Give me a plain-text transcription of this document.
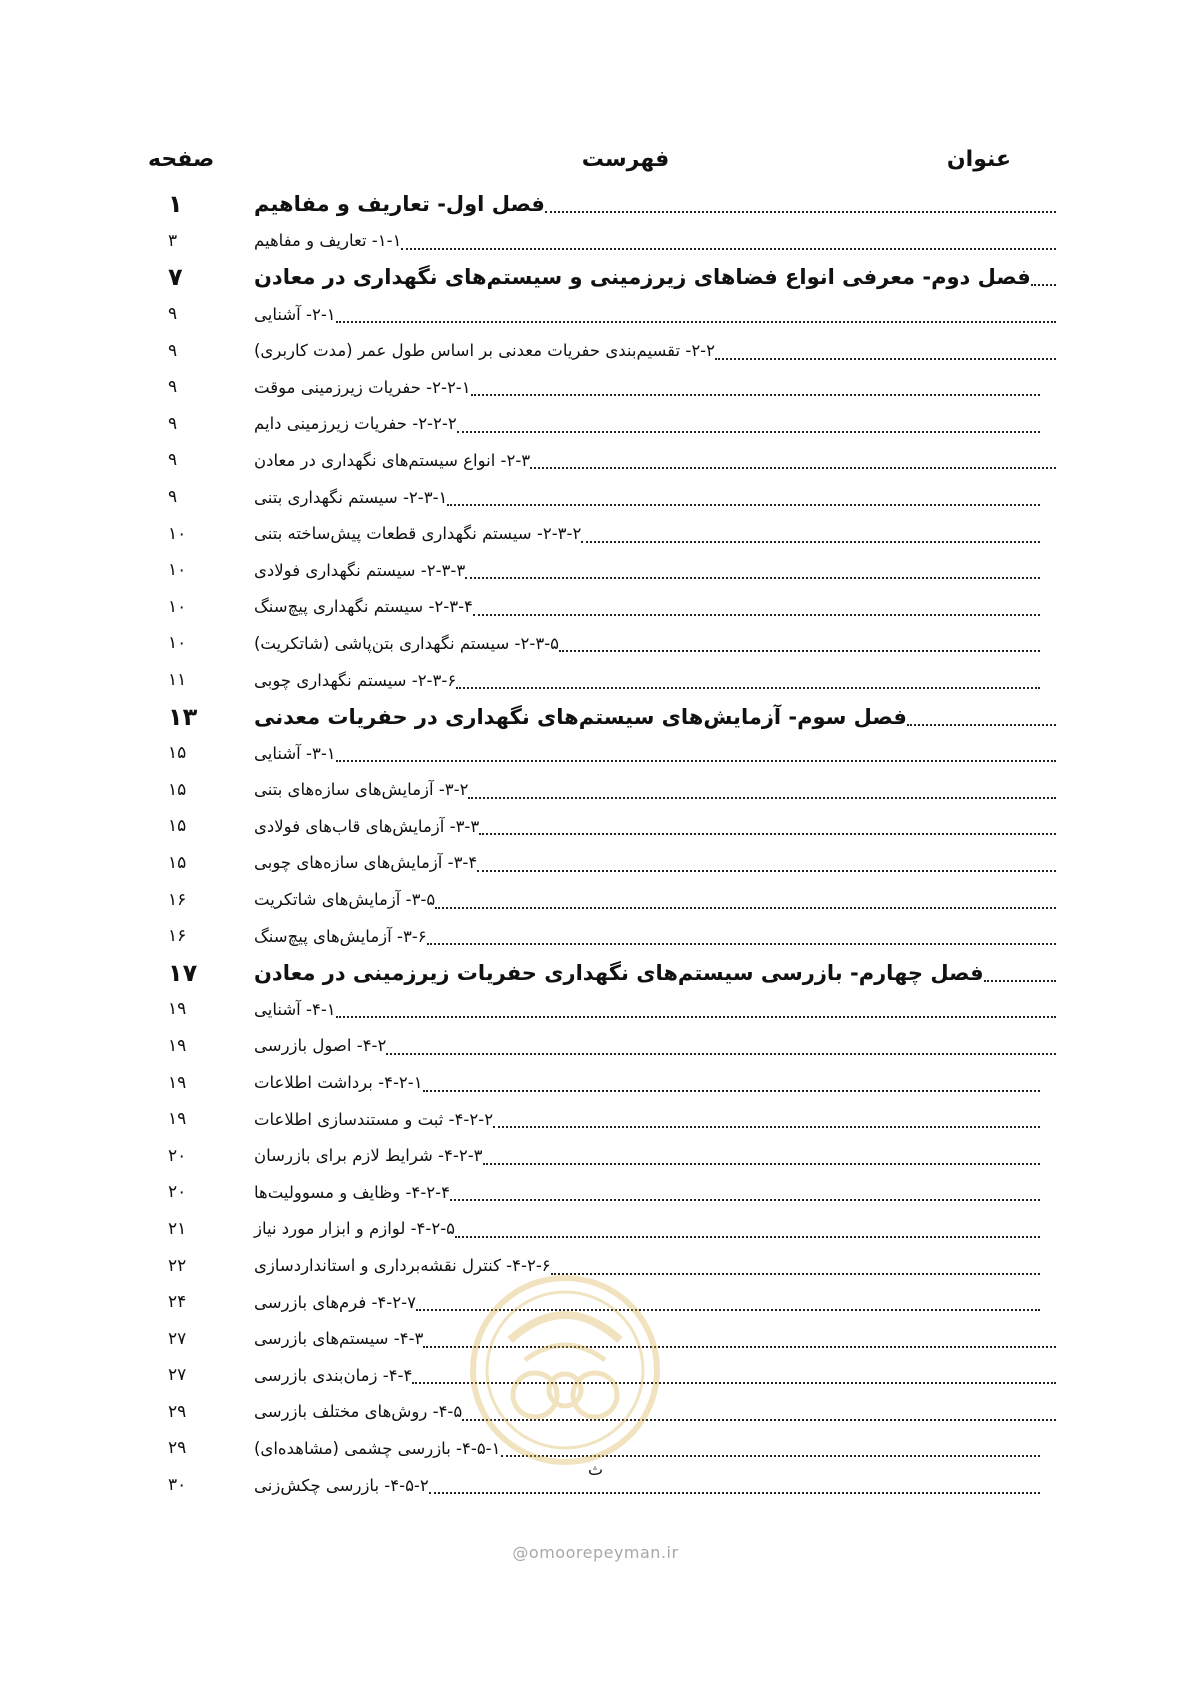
عنوان
فهرست
صفحه
فصل اول- تعاریف و مفاهیم
۱
۱-۱- تعاریف و مفاهیم
۳
فصل دوم- معرفی انواع فضاهای زیرزمینی و سیستم‌های نگهداری در معادن
۷
۲-۱- آشنایی
۹
۲-۲- تقسیم‌بندی حفریات معدنی بر اساس طول عمر (مدت کاربری)
۹
۲-۲-۱- حفریات زیرزمینی موقت
۹
۲-۲-۲- حفریات زیرزمینی دایم
۹
۲-۳- انواع سیستم‌های نگهداری در معادن
۹
۲-۳-۱- سیستم نگهداری بتنی
۹
۲-۳-۲- سیستم نگهداری قطعات پیش‌ساخته بتنی
۱۰
۲-۳-۳- سیستم نگهداری فولادی
۱۰
۲-۳-۴- سیستم نگهداری پیچ‌سنگ
۱۰
۲-۳-۵- سیستم نگهداری بتن‌پاشی (شاتکریت)
۱۰
۲-۳-۶- سیستم نگهداری چوبی
۱۱
فصل سوم- آزمایش‌های سیستم‌های نگهداری در حفریات معدنی
۱۳
۳-۱- آشنایی
۱۵
۳-۲- آزمایش‌های سازه‌های بتنی
۱۵
۳-۳- آزمایش‌های قاب‌های فولادی
۱۵
۳-۴- آزمایش‌های سازه‌های چوبی
۱۵
۳-۵- آزمایش‌های شاتکریت
۱۶
۳-۶- آزمایش‌های پیچ‌سنگ
۱۶
فصل چهارم- بازرسی سیستم‌های نگهداری حفریات زیرزمینی در معادن
۱۷
۴-۱- آشنایی
۱۹
۴-۲- اصول بازرسی
۱۹
۴-۲-۱- برداشت اطلاعات
۱۹
۴-۲-۲- ثبت و مستندسازی اطلاعات
۱۹
۴-۲-۳- شرایط لازم برای بازرسان
۲۰
۴-۲-۴- وظایف و مسوولیت‌ها
۲۰
۴-۲-۵- لوازم و ابزار مورد نیاز
۲۱
۴-۲-۶- کنترل نقشه‌برداری و استانداردسازی
۲۲
۴-۲-۷- فرم‌های بازرسی
۲۴
۴-۳- سیستم‌های بازرسی
۲۷
۴-۴- زمان‌بندی بازرسی
۲۷
۴-۵- روش‌های مختلف بازرسی
۲۹
۴-۵-۱- بازرسی چشمی (مشاهده‌ای)
۲۹
۴-۵-۲- بازرسی چکش‌زنی
۳۰
ث
@omoorepeyman.ir
